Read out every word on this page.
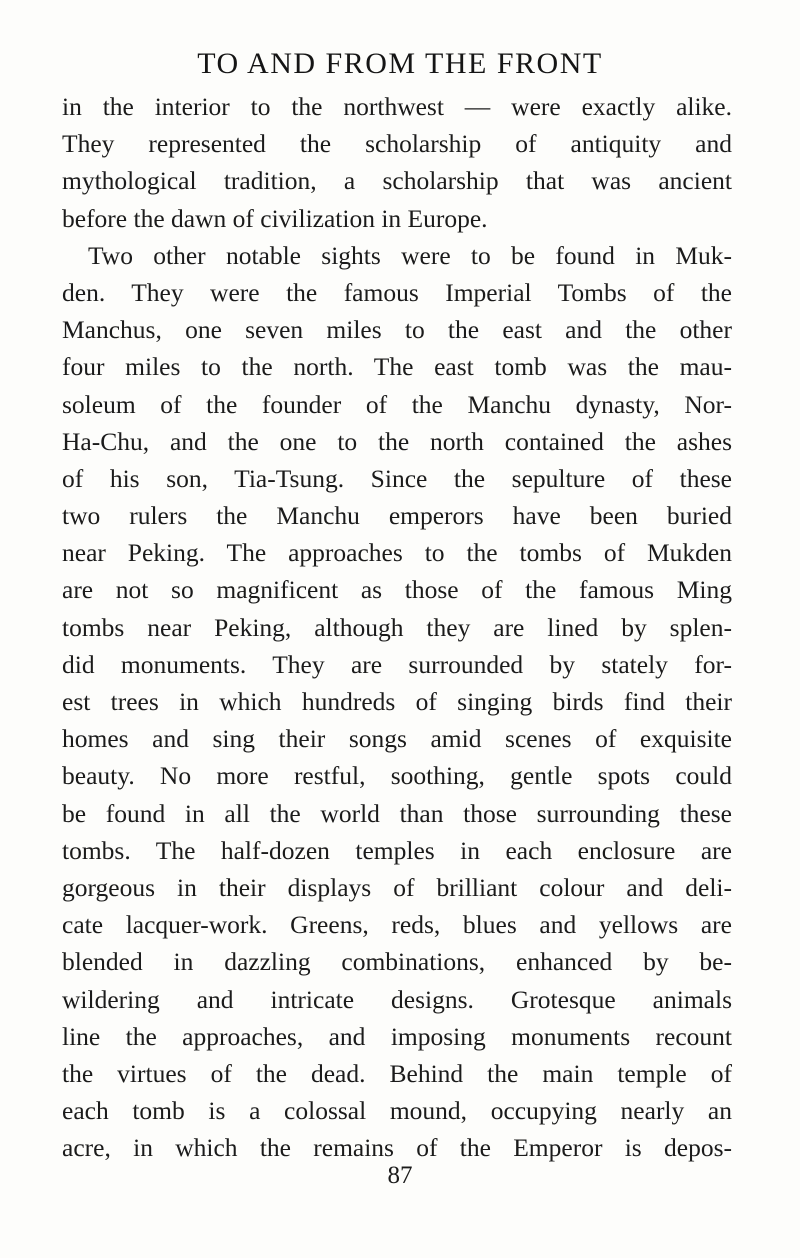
TO AND FROM THE FRONT
in the interior to the northwest — were exactly alike.
They represented the scholarship of antiquity and
mythological tradition, a scholarship that was ancient
before the dawn of civilization in Europe.
Two other notable sights were to be found in Muk-
den. They were the famous Imperial Tombs of the
Manchus, one seven miles to the east and the other
four miles to the north. The east tomb was the mau-
soleum of the founder of the Manchu dynasty, Nor-
Ha-Chu, and the one to the north contained the ashes
of his son, Tia-Tsung. Since the sepulture of these
two rulers the Manchu emperors have been buried
near Peking. The approaches to the tombs of Mukden
are not so magnificent as those of the famous Ming
tombs near Peking, although they are lined by splen-
did monuments. They are surrounded by stately for-
est trees in which hundreds of singing birds find their
homes and sing their songs amid scenes of exquisite
beauty. No more restful, soothing, gentle spots could
be found in all the world than those surrounding these
tombs. The half-dozen temples in each enclosure are
gorgeous in their displays of brilliant colour and deli-
cate lacquer-work. Greens, reds, blues and yellows are
blended in dazzling combinations, enhanced by be-
wildering and intricate designs. Grotesque animals
line the approaches, and imposing monuments recount
the virtues of the dead. Behind the main temple of
each tomb is a colossal mound, occupying nearly an
acre, in which the remains of the Emperor is depos-
87
